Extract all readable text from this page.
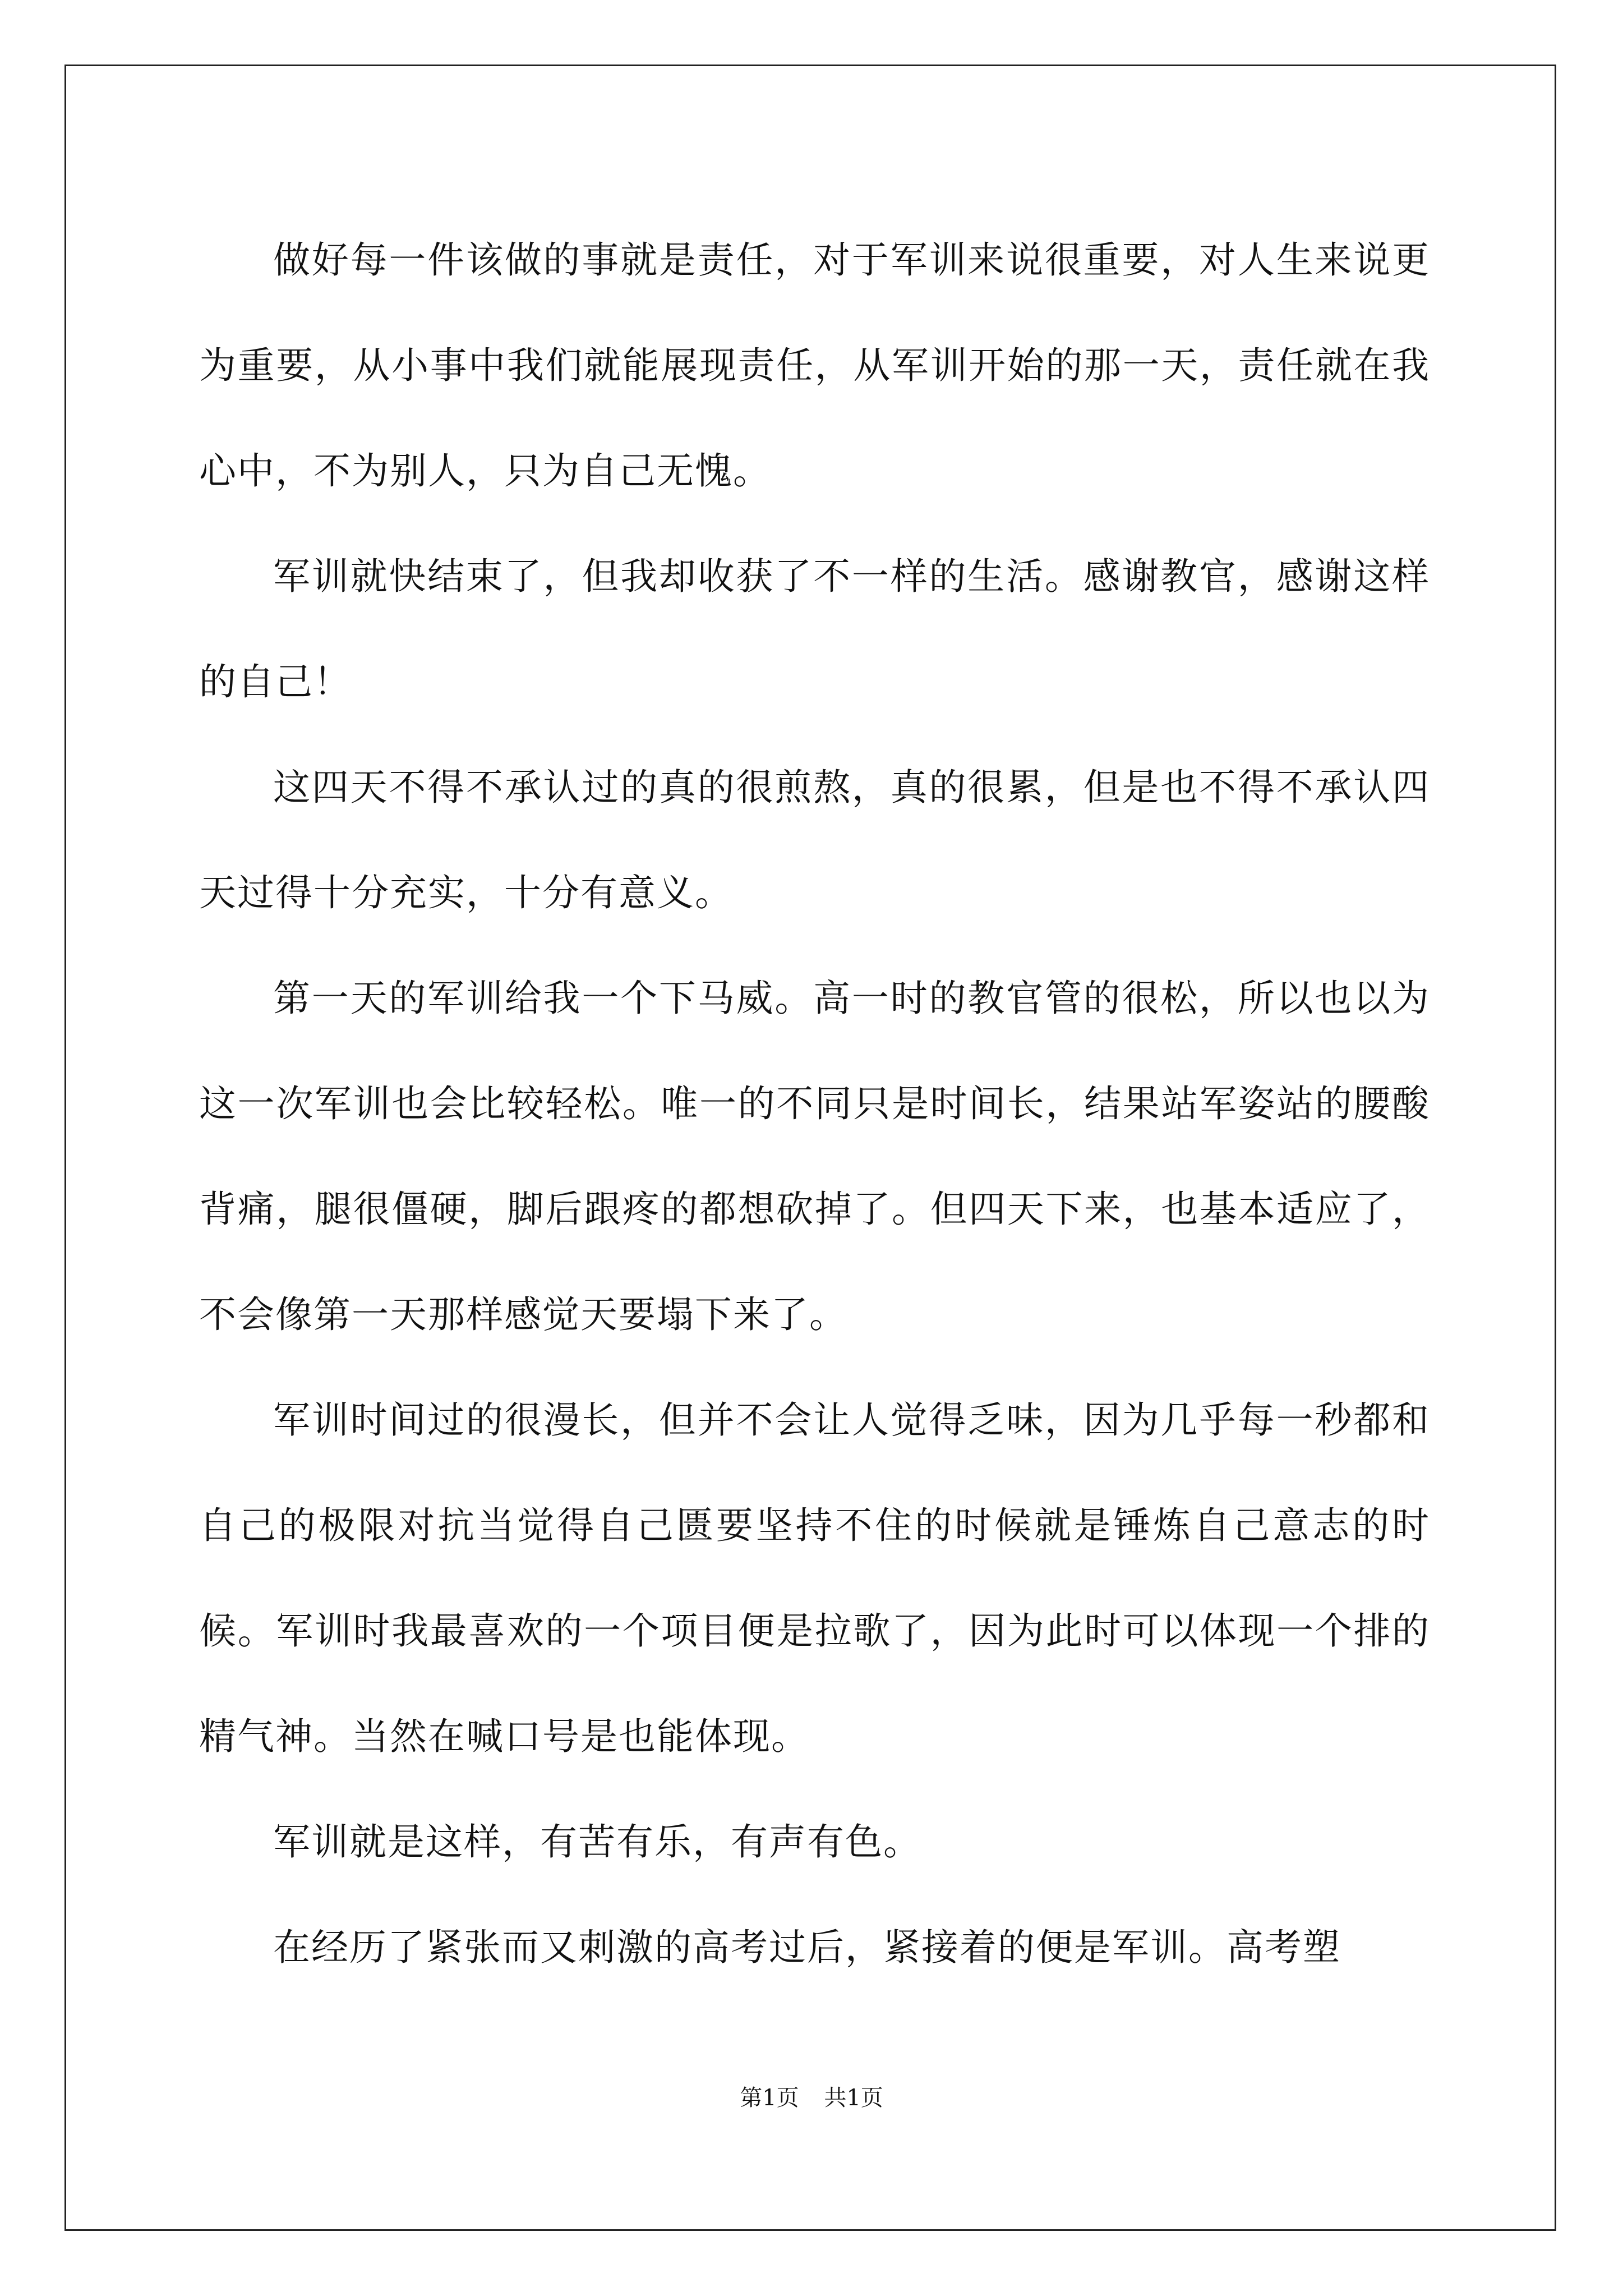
做好每一件该做的事就是责任，对于军训来说很重要，对人生来说更为重要，从小事中我们就能展现责任，从军训开始的那一天，责任就在我心中，不为别人，只为自己无愧。

军训就快结束了，但我却收获了不一样的生活。感谢教官，感谢这样的自己！

这四天不得不承认过的真的很煎熬，真的很累，但是也不得不承认四天过得十分充实，十分有意义。

第一天的军训给我一个下马威。高一时的教官管的很松，所以也以为这一次军训也会比较轻松。唯一的不同只是时间长，结果站军姿站的腰酸背痛，腿很僵硬，脚后跟疼的都想砍掉了。但四天下来，也基本适应了，不会像第一天那样感觉天要塌下来了。

军训时间过的很漫长，但并不会让人觉得乏味，因为几乎每一秒都和自己的极限对抗当觉得自己匮要坚持不住的时候就是锤炼自己意志的时候。军训时我最喜欢的一个项目便是拉歌了，因为此时可以体现一个排的精气神。当然在喊口号是也能体现。

军训就是这样，有苦有乐，有声有色。

在经历了紧张而又刺激的高考过后，紧接着的便是军训。高考塑

第1页 共1页
